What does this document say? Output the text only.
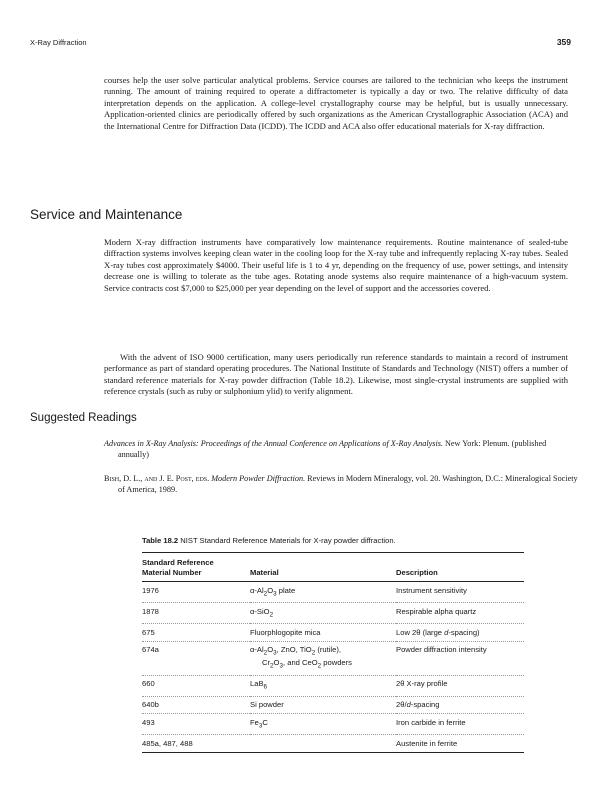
X-Ray Diffraction	359

courses help the user solve particular analytical problems. Service courses are tailored to the technician who keeps the instrument running. The amount of training required to operate a diffractometer is typically a day or two. The relative difficulty of data interpretation depends on the application. A college-level crystallography course may be helpful, but is usually unnecessary. Application-oriented clinics are periodically offered by such organizations as the American Crystallographic Association (ACA) and the International Centre for Diffraction Data (ICDD). The ICDD and ACA also offer educational materials for X-ray diffraction.

Service and Maintenance

Modern X-ray diffraction instruments have comparatively low maintenance requirements. Routine maintenance of sealed-tube diffraction systems involves keeping clean water in the cooling loop for the X-ray tube and infrequently replacing X-ray tubes. Sealed X-ray tubes cost approximately $4000. Their useful life is 1 to 4 yr, depending on the frequency of use, power settings, and intensity decrease one is willing to tolerate as the tube ages. Rotating anode systems also require maintenance of a high-vacuum system. Service contracts cost $7,000 to $25,000 per year depending on the level of support and the accessories covered.

With the advent of ISO 9000 certification, many users periodically run reference standards to maintain a record of instrument performance as part of standard operating procedures. The National Institute of Standards and Technology (NIST) offers a number of standard reference materials for X-ray powder diffraction (Table 18.2). Likewise, most single-crystal instruments are supplied with reference crystals (such as ruby or sulphonium ylid) to verify alignment.

Suggested Readings

Advances in X-Ray Analysis: Proceedings of the Annual Conference on Applications of X-Ray Analysis. New York: Plenum. (published annually)

Bish, D. L., and J. E. Post, eds. Modern Powder Diffraction. Reviews in Modern Mineralogy, vol. 20. Washington, D.C.: Mineralogical Society of America, 1989.

Table 18.2 NIST Standard Reference Materials for X-ray powder diffraction.

Standard Reference
Material Number	Material	Description
1976	$\alpha-Al_2O_3$ plate	Instrument sensitivity
1878	α-SiO$_2$	Respirable alpha quartz
675	Fluorphlogopite mica	Low 2θ (large d-spacing)
674a	$\alpha-Al_2O_3$, ZnO, TiO$_2$ (rutile),
$Cr_2O_3$, and CeO$_2$ powders	Powder diffraction intensity
660	LaB$_6$	2θ X-ray profile
640b	Si powder	2θ/d-spacing
493	$Fe_3C$	Iron carbide in ferrite
485a, 487, 488		Austenite in ferrite
